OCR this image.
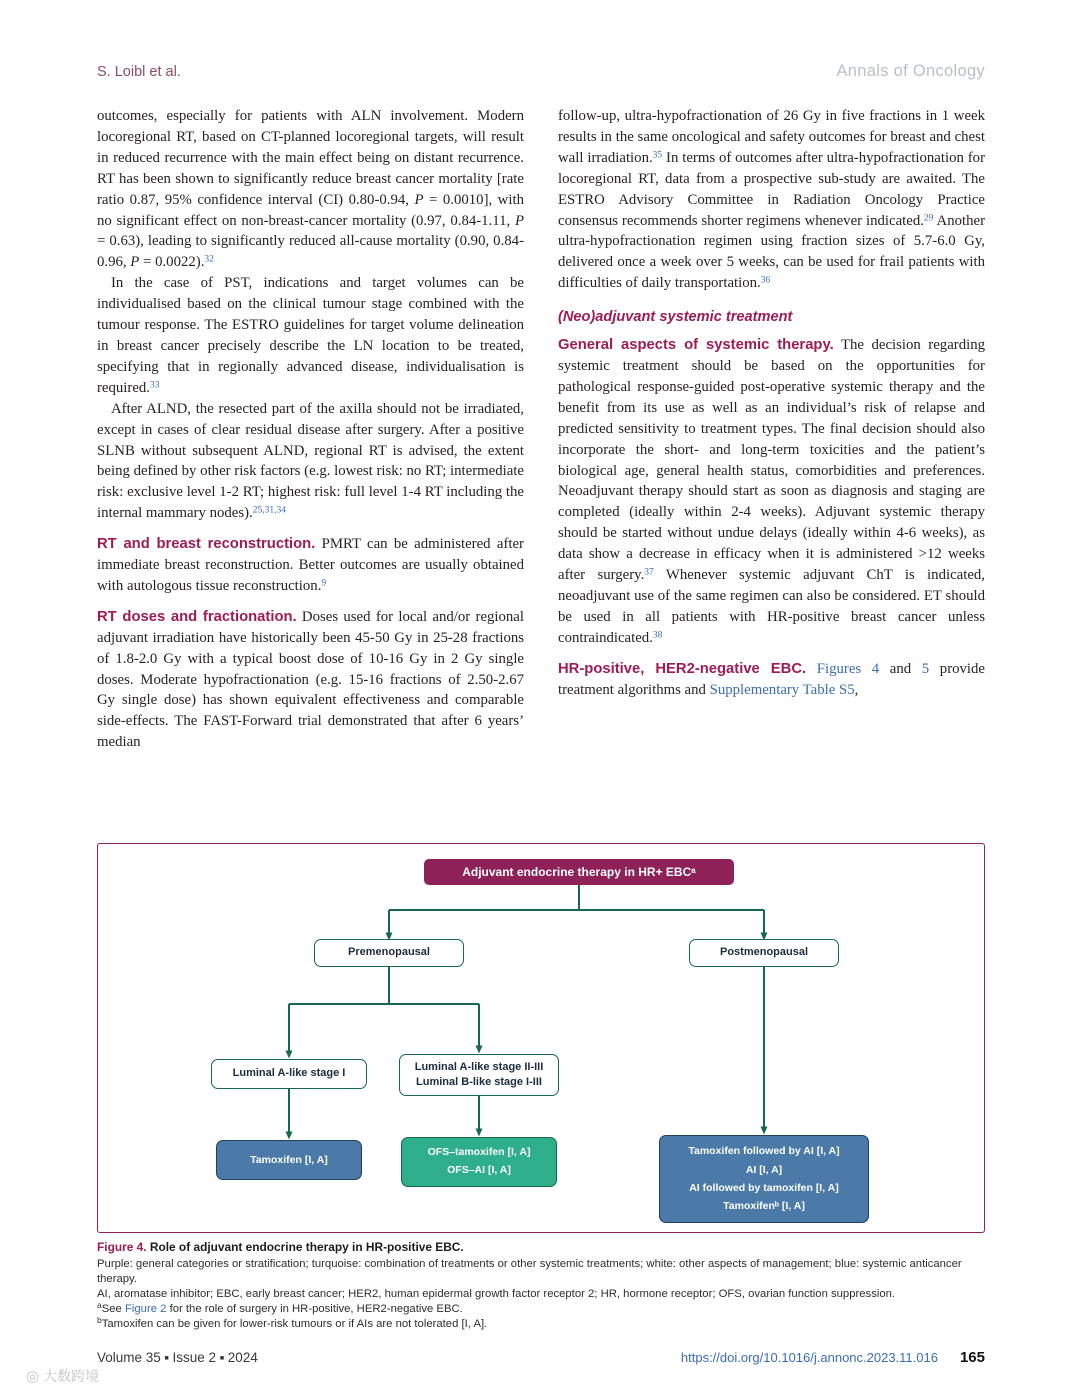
S. Loibl et al.	Annals of Oncology

outcomes, especially for patients with ALN involvement. Modern locoregional RT, based on CT-planned locoregional targets, will result in reduced recurrence with the main effect being on distant recurrence. RT has been shown to significantly reduce breast cancer mortality [rate ratio 0.87, 95% confidence interval (CI) 0.80-0.94, P = 0.0010], with no significant effect on non-breast-cancer mortality (0.97, 0.84-1.11, P = 0.63), leading to significantly reduced all-cause mortality (0.90, 0.84-0.96, P = 0.0022).$^{32}$

In the case of PST, indications and target volumes can be individualised based on the clinical tumour stage combined with the tumour response. The ESTRO guidelines for target volume delineation in breast cancer precisely describe the LN location to be treated, specifying that in regionally advanced disease, individualisation is required.$^{33}$

After ALND, the resected part of the axilla should not be irradiated, except in cases of clear residual disease after surgery. After a positive SLNB without subsequent ALND, regional RT is advised, the extent being defined by other risk factors (e.g. lowest risk: no RT; intermediate risk: exclusive level 1-2 RT; highest risk: full level 1-4 RT including the internal mammary nodes).$^{25,31,34}$

RT and breast reconstruction. PMRT can be administered after immediate breast reconstruction. Better outcomes are usually obtained with autologous tissue reconstruction.$^9$

RT doses and fractionation. Doses used for local and/or regional adjuvant irradiation have historically been 45-50 Gy in 25-28 fractions of 1.8-2.0 Gy with a typical boost dose of 10-16 Gy in 2 Gy single doses. Moderate hypofractionation (e.g. 15-16 fractions of 2.50-2.67 Gy single dose) has shown equivalent effectiveness and comparable side-effects. The FAST-Forward trial demonstrated that after 6 years’ median

follow-up, ultra-hypofractionation of 26 Gy in five fractions in 1 week results in the same oncological and safety outcomes for breast and chest wall irradiation.$^{35}$ In terms of outcomes after ultra-hypofractionation for locoregional RT, data from a prospective sub-study are awaited. The ESTRO Advisory Committee in Radiation Oncology Practice consensus recommends shorter regimens whenever indicated.$^{29}$ Another ultra-hypofractionation regimen using fraction sizes of 5.7-6.0 Gy, delivered once a week over 5 weeks, can be used for frail patients with difficulties of daily transportation.$^{36}$

(Neo)adjuvant systemic treatment

General aspects of systemic therapy. The decision regarding systemic treatment should be based on the opportunities for pathological response-guided post-operative systemic therapy and the benefit from its use as well as an individual’s risk of relapse and predicted sensitivity to treatment types. The final decision should also incorporate the short- and long-term toxicities and the patient’s biological age, general health status, comorbidities and preferences. Neoadjuvant therapy should start as soon as diagnosis and staging are completed (ideally within 2-4 weeks). Adjuvant systemic therapy should be started without undue delays (ideally within 4-6 weeks), as data show a decrease in efficacy when it is administered >12 weeks after surgery.$^{37}$ Whenever systemic adjuvant ChT is indicated, neoadjuvant use of the same regimen can also be considered. ET should be used in all patients with HR-positive breast cancer unless contraindicated.$^{38}$

HR-positive, HER2-negative EBC. Figures 4 and 5 provide treatment algorithms and Supplementary Table S5,

Adjuvant endocrine therapy in HR+ EBCᵃ
Premenopausal	Postmenopausal
Luminal A-like stage I
Luminal A-like stage II-III
Luminal B-like stage I-III
Tamoxifen [I, A]
OFS–tamoxifen [I, A]
OFS–AI [I, A]
Tamoxifen followed by AI [I, A]
AI [I, A]
AI followed by tamoxifen [I, A]
Tamoxifenᵇ [I, A]

Figure 4. Role of adjuvant endocrine therapy in HR-positive EBC.

Purple: general categories or stratification; turquoise: combination of treatments or other systemic treatments; white: other aspects of management; blue: systemic anticancer therapy.

AI, aromatase inhibitor; EBC, early breast cancer; HER2, human epidermal growth factor receptor 2; HR, hormone receptor; OFS, ovarian function suppression.

$^a$See Figure 2 for the role of surgery in HR-positive, HER2-negative EBC.

$^b$Tamoxifen can be given for lower-risk tumours or if AIs are not tolerated [I, A].

Volume 35 ■ Issue 2 ■ 2024	https://doi.org/10.1016/j.annonc.2023.11.016 165
◎ 大数跨境
